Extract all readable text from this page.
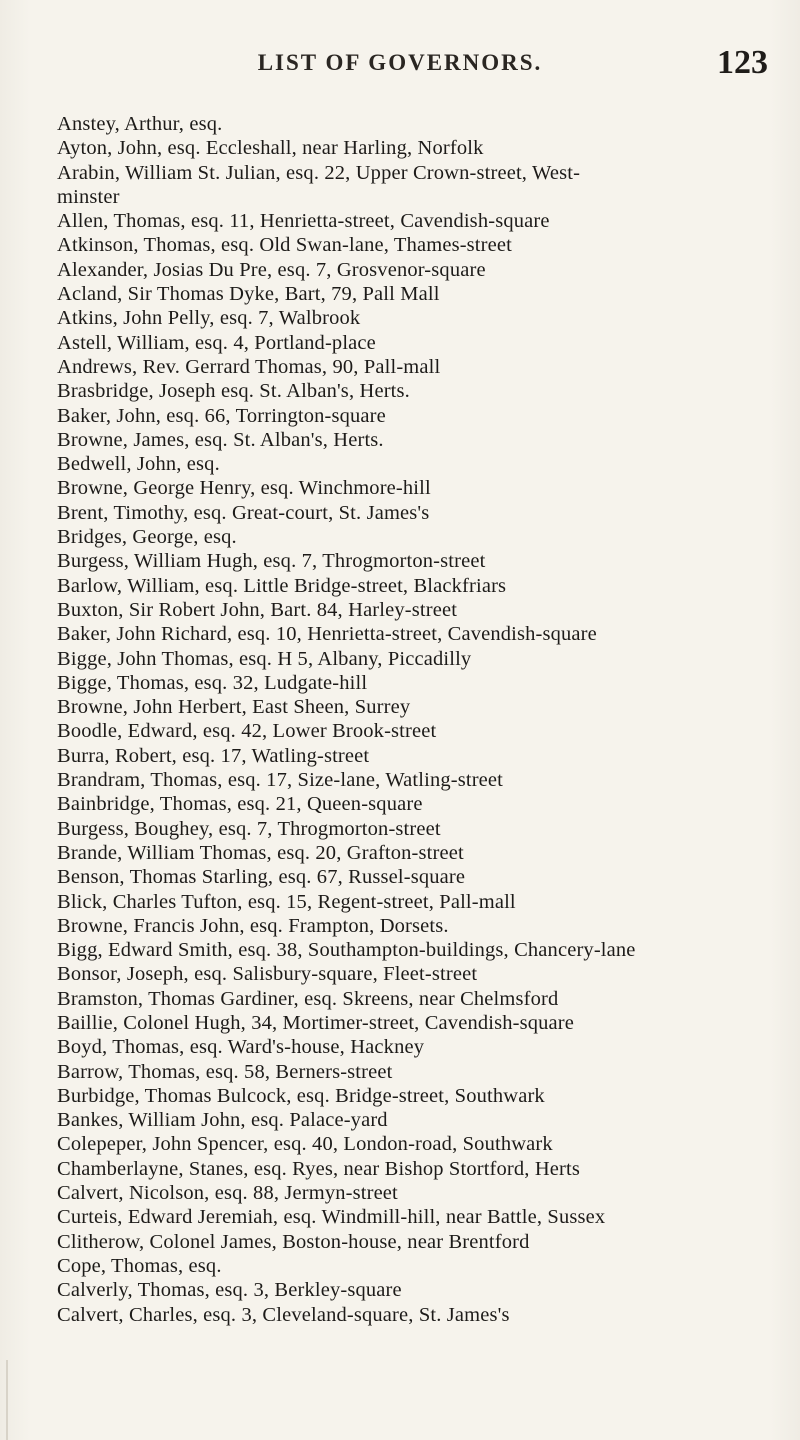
LIST OF GOVERNORS.	123
Anstey, Arthur, esq.
Ayton, John, esq. Eccleshall, near Harling, Norfolk
Arabin, William St. Julian, esq. 22, Upper Crown-street, West-
minster
Allen, Thomas, esq. 11, Henrietta-street, Cavendish-square
Atkinson, Thomas, esq. Old Swan-lane, Thames-street
Alexander, Josias Du Pre, esq. 7, Grosvenor-square
Acland, Sir Thomas Dyke, Bart, 79, Pall Mall
Atkins, John Pelly, esq. 7, Walbrook
Astell, William, esq. 4, Portland-place
Andrews, Rev. Gerrard Thomas, 90, Pall-mall
Brasbridge, Joseph esq. St. Alban's, Herts.
Baker, John, esq. 66, Torrington-square
Browne, James, esq. St. Alban's, Herts.
Bedwell, John, esq.
Browne, George Henry, esq. Winchmore-hill
Brent, Timothy, esq. Great-court, St. James's
Bridges, George, esq.
Burgess, William Hugh, esq. 7, Throgmorton-street
Barlow, William, esq. Little Bridge-street, Blackfriars
Buxton, Sir Robert John, Bart. 84, Harley-street
Baker, John Richard, esq. 10, Henrietta-street, Cavendish-square
Bigge, John Thomas, esq. H 5, Albany, Piccadilly
Bigge, Thomas, esq. 32, Ludgate-hill
Browne, John Herbert, East Sheen, Surrey
Boodle, Edward, esq. 42, Lower Brook-street
Burra, Robert, esq. 17, Watling-street
Brandram, Thomas, esq. 17, Size-lane, Watling-street
Bainbridge, Thomas, esq. 21, Queen-square
Burgess, Boughey, esq. 7, Throgmorton-street
Brande, William Thomas, esq. 20, Grafton-street
Benson, Thomas Starling, esq. 67, Russel-square
Blick, Charles Tufton, esq. 15, Regent-street, Pall-mall
Browne, Francis John, esq. Frampton, Dorsets.
Bigg, Edward Smith, esq. 38, Southampton-buildings, Chancery-lane
Bonsor, Joseph, esq. Salisbury-square, Fleet-street
Bramston, Thomas Gardiner, esq. Skreens, near Chelmsford
Baillie, Colonel Hugh, 34, Mortimer-street, Cavendish-square
Boyd, Thomas, esq. Ward's-house, Hackney
Barrow, Thomas, esq. 58, Berners-street
Burbidge, Thomas Bulcock, esq. Bridge-street, Southwark
Bankes, William John, esq. Palace-yard
Colepeper, John Spencer, esq. 40, London-road, Southwark
Chamberlayne, Stanes, esq. Ryes, near Bishop Stortford, Herts
Calvert, Nicolson, esq. 88, Jermyn-street
Curteis, Edward Jeremiah, esq. Windmill-hill, near Battle, Sussex
Clitherow, Colonel James, Boston-house, near Brentford
Cope, Thomas, esq.
Calverly, Thomas, esq. 3, Berkley-square
Calvert, Charles, esq. 3, Cleveland-square, St. James's
